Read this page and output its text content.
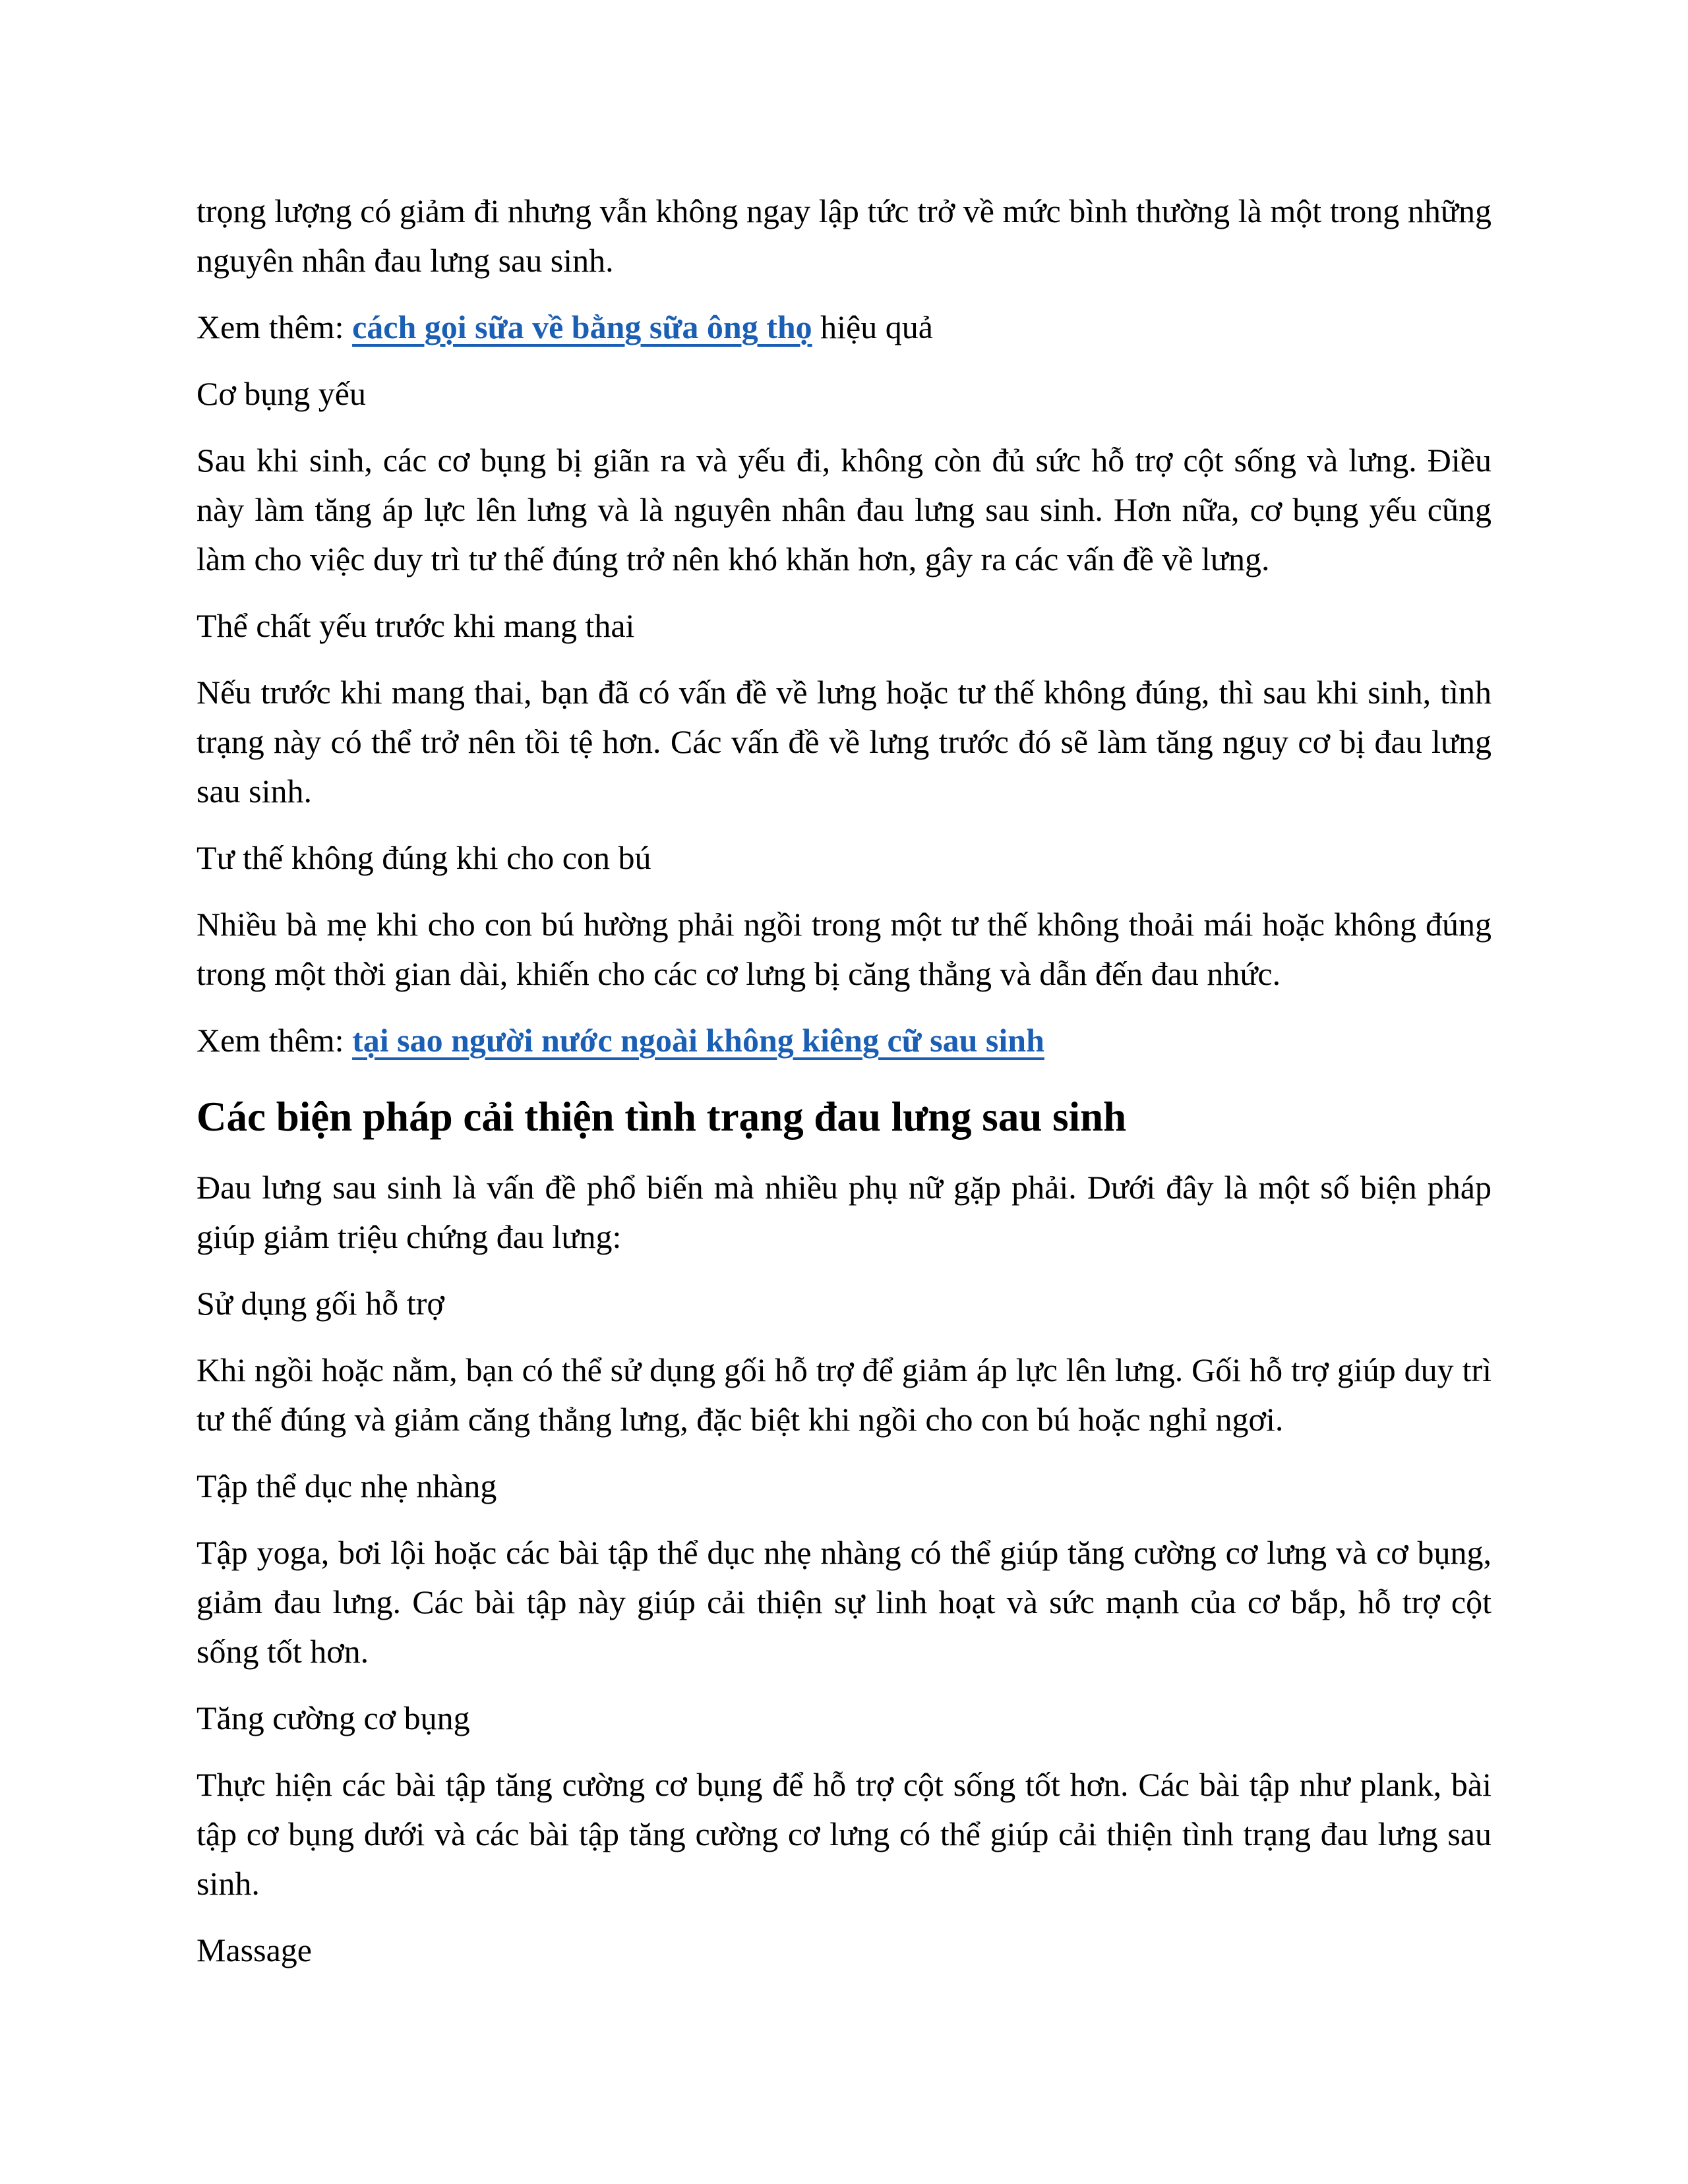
trọng lượng có giảm đi nhưng vẫn không ngay lập tức trở về mức bình thường là một trong những nguyên nhân đau lưng sau sinh.

Xem thêm: cách gọi sữa về bằng sữa ông thọ hiệu quả

Cơ bụng yếu

Sau khi sinh, các cơ bụng bị giãn ra và yếu đi, không còn đủ sức hỗ trợ cột sống và lưng. Điều này làm tăng áp lực lên lưng và là nguyên nhân đau lưng sau sinh. Hơn nữa, cơ bụng yếu cũng làm cho việc duy trì tư thế đúng trở nên khó khăn hơn, gây ra các vấn đề về lưng.

Thể chất yếu trước khi mang thai

Nếu trước khi mang thai, bạn đã có vấn đề về lưng hoặc tư thế không đúng, thì sau khi sinh, tình trạng này có thể trở nên tồi tệ hơn. Các vấn đề về lưng trước đó sẽ làm tăng nguy cơ bị đau lưng sau sinh.

Tư thế không đúng khi cho con bú

Nhiều bà mẹ khi cho con bú hường phải ngồi trong một tư thế không thoải mái hoặc không đúng trong một thời gian dài, khiến cho các cơ lưng bị căng thẳng và dẫn đến đau nhức.

Xem thêm: tại sao người nước ngoài không kiêng cữ sau sinh

Các biện pháp cải thiện tình trạng đau lưng sau sinh

Đau lưng sau sinh là vấn đề phổ biến mà nhiều phụ nữ gặp phải. Dưới đây là một số biện pháp giúp giảm triệu chứng đau lưng:

Sử dụng gối hỗ trợ

Khi ngồi hoặc nằm, bạn có thể sử dụng gối hỗ trợ để giảm áp lực lên lưng. Gối hỗ trợ giúp duy trì tư thế đúng và giảm căng thẳng lưng, đặc biệt khi ngồi cho con bú hoặc nghỉ ngơi.

Tập thể dục nhẹ nhàng

Tập yoga, bơi lội hoặc các bài tập thể dục nhẹ nhàng có thể giúp tăng cường cơ lưng và cơ bụng, giảm đau lưng. Các bài tập này giúp cải thiện sự linh hoạt và sức mạnh của cơ bắp, hỗ trợ cột sống tốt hơn.

Tăng cường cơ bụng

Thực hiện các bài tập tăng cường cơ bụng để hỗ trợ cột sống tốt hơn. Các bài tập như plank, bài tập cơ bụng dưới và các bài tập tăng cường cơ lưng có thể giúp cải thiện tình trạng đau lưng sau sinh.

Massage
